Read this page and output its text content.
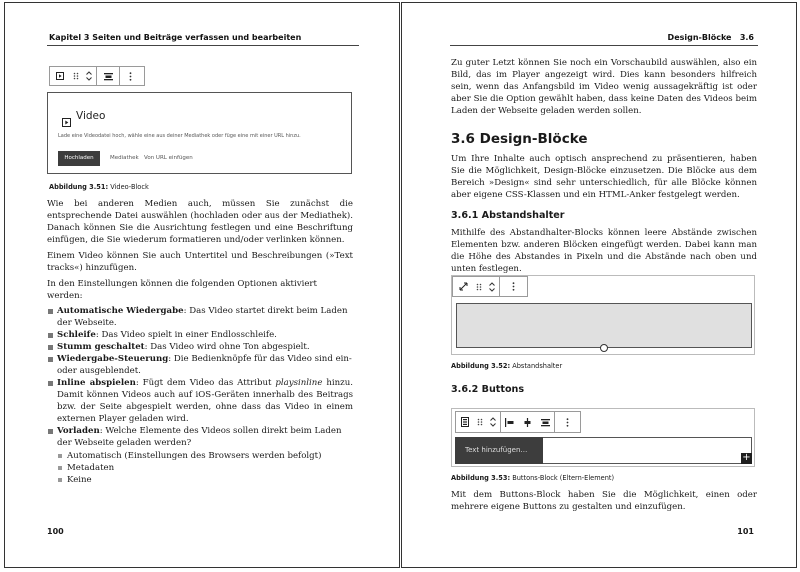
Kapitel 3 Seiten und Beiträge verfassen und bearbeiten
Video
Lade eine Videodatei hoch, wähle eine aus deiner Mediathek oder füge eine mit einer URL hinzu.
Hochladen	Mediathek Von URL einfügen
Abbildung 3.51: Video-Block

Wie bei anderen Medien auch, müssen Sie zunächst die entsprechende Datei auswählen (hochladen oder aus der Mediathek). Danach können Sie die Ausrichtung festlegen und eine Beschriftung einfügen, die Sie wiederum formatieren und/oder verlinken können.

Einem Video können Sie auch Untertitel und Beschreibungen (»Text tracks«) hinzufügen.

In den Einstellungen können die folgenden Optionen aktiviert werden:

Automatische Wiedergabe: Das Video startet direkt beim Laden der Webseite.
Schleife: Das Video spielt in einer Endlosschleife.
Stumm geschaltet: Das Video wird ohne Ton abgespielt.
Wiedergabe-Steuerung: Die Bedienknöpfe für das Video sind ein- oder ausgeblendet.
Inline abspielen: Fügt dem Video das Attribut playsinline hinzu. Damit können Videos auch auf iOS-Geräten innerhalb des Beitrags bzw. der Seite abgespielt werden, ohne dass das Video in einem externen Player geladen wird.
Vorladen: Welche Elemente des Videos sollen direkt beim Laden der Webseite geladen werden?
Automatisch (Einstellungen des Browsers werden befolgt)
Metadaten
Keine
100
Design-Blöcke 3.6
Zu guter Letzt können Sie noch ein Vorschaubild auswählen, also ein Bild, das im Player angezeigt wird. Dies kann besonders hilfreich sein, wenn das Anfangsbild im Video wenig aussagekräftig ist oder aber Sie die Option gewählt haben, dass keine Daten des Videos beim Laden der Webseite geladen werden sollen.
3.6 Design-Blöcke
Um Ihre Inhalte auch optisch ansprechend zu präsentieren, haben Sie die Möglichkeit, Design-Blöcke einzusetzen. Die Blöcke aus dem Bereich »Design« sind sehr unterschiedlich, für alle Blöcke können aber eigene CSS-Klassen und ein HTML-Anker festgelegt werden.
3.6.1 Abstandshalter
Mithilfe des Abstandhalter-Blocks können leere Abstände zwischen Elementen bzw. anderen Blöcken eingefügt werden. Dabei kann man die Höhe des Abstandes in Pixeln und die Abstände nach oben und unten festlegen.
Abbildung 3.52: Abstandshalter
3.6.2 Buttons
Text hinzufügen…
+
Abbildung 3.53: Buttons-Block (Eltern-Element)
Mit dem Buttons-Block haben Sie die Möglichkeit, einen oder mehrere eigene Buttons zu gestalten und einzufügen.
101
